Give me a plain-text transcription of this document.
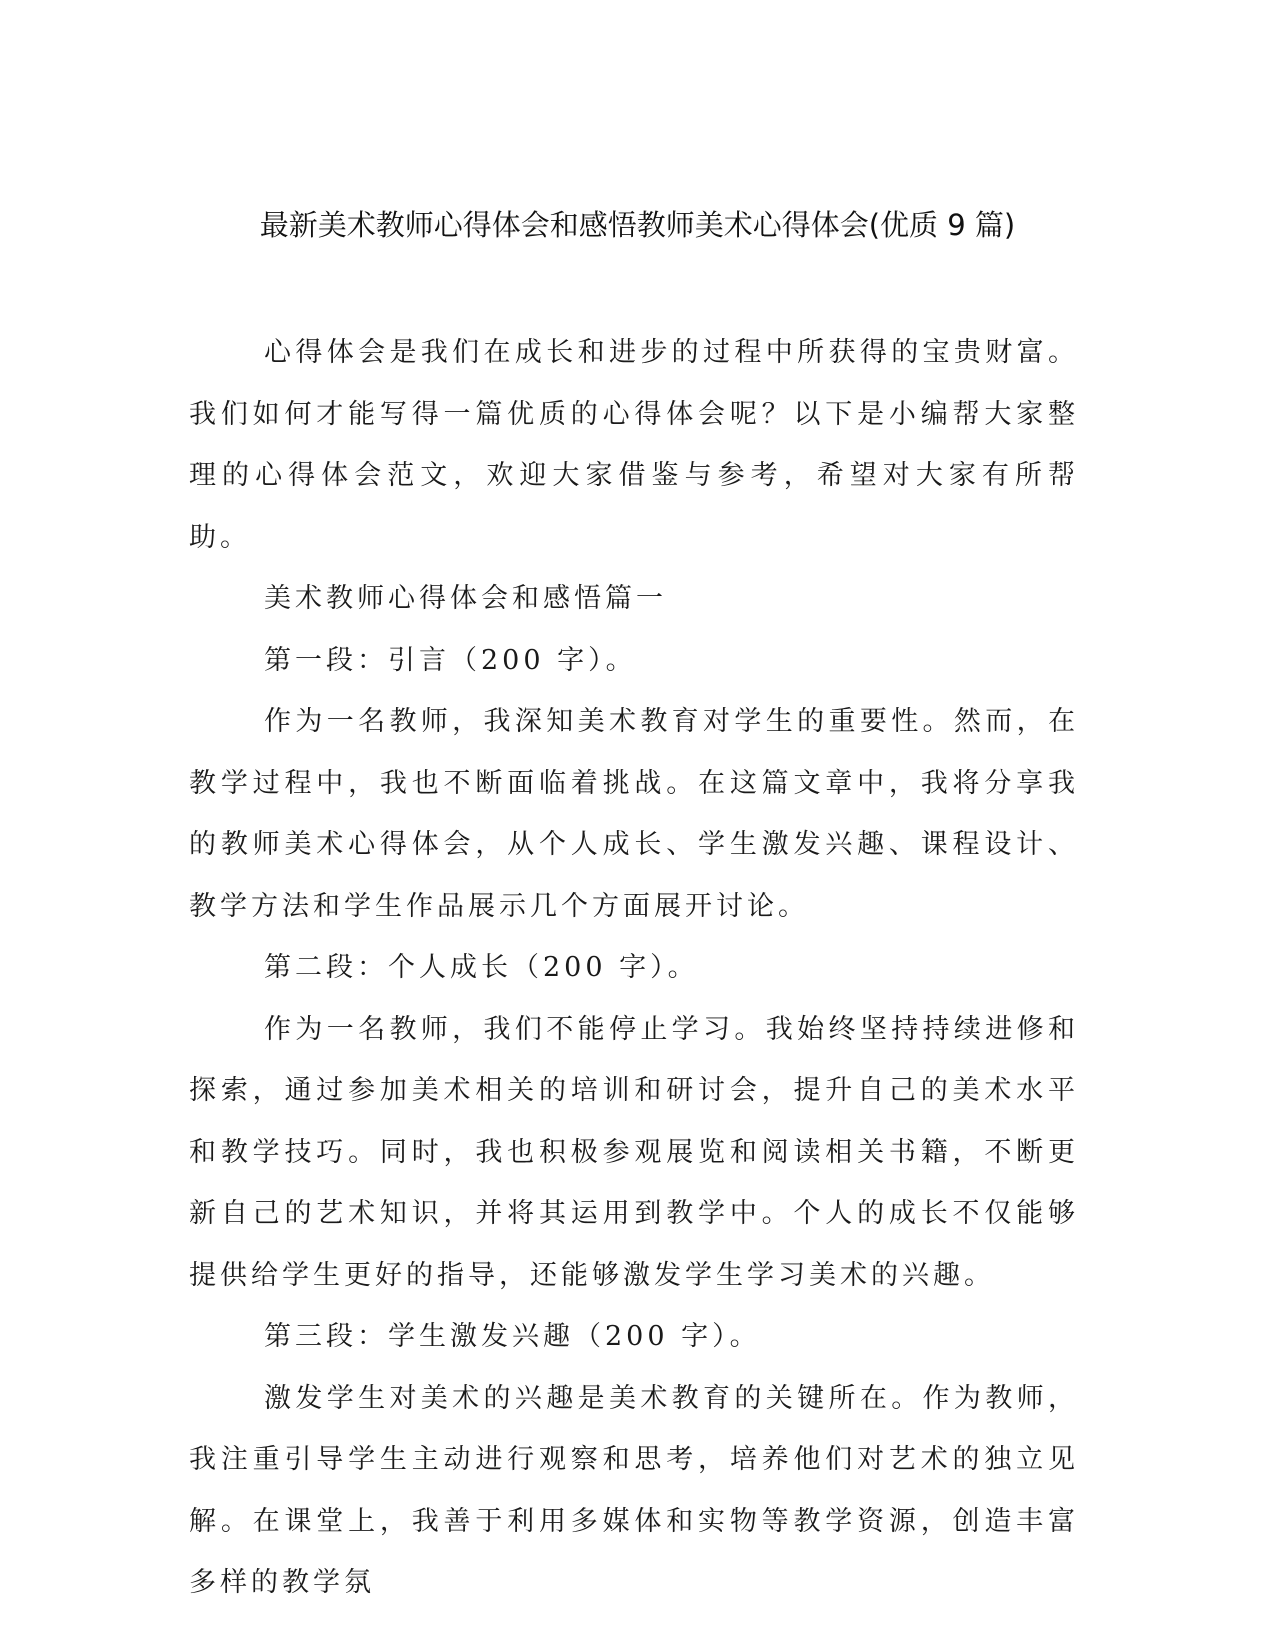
最新美术教师心得体会和感悟教师美术心得体会(优质 9 篇)

心得体会是我们在成长和进步的过程中所获得的宝贵财富。我们如何才能写得一篇优质的心得体会呢？以下是小编帮大家整理的心得体会范文，欢迎大家借鉴与参考，希望对大家有所帮助。

美术教师心得体会和感悟篇一

第一段：引言（200 字）。

作为一名教师，我深知美术教育对学生的重要性。然而，在教学过程中，我也不断面临着挑战。在这篇文章中，我将分享我的教师美术心得体会，从个人成长、学生激发兴趣、课程设计、教学方法和学生作品展示几个方面展开讨论。

第二段：个人成长（200 字）。

作为一名教师，我们不能停止学习。我始终坚持持续进修和探索，通过参加美术相关的培训和研讨会，提升自己的美术水平和教学技巧。同时，我也积极参观展览和阅读相关书籍，不断更新自己的艺术知识，并将其运用到教学中。个人的成长不仅能够提供给学生更好的指导，还能够激发学生学习美术的兴趣。

第三段：学生激发兴趣（200 字）。

激发学生对美术的兴趣是美术教育的关键所在。作为教师，我注重引导学生主动进行观察和思考，培养他们对艺术的独立见解。在课堂上，我善于利用多媒体和实物等教学资源，创造丰富多样的教学氛
